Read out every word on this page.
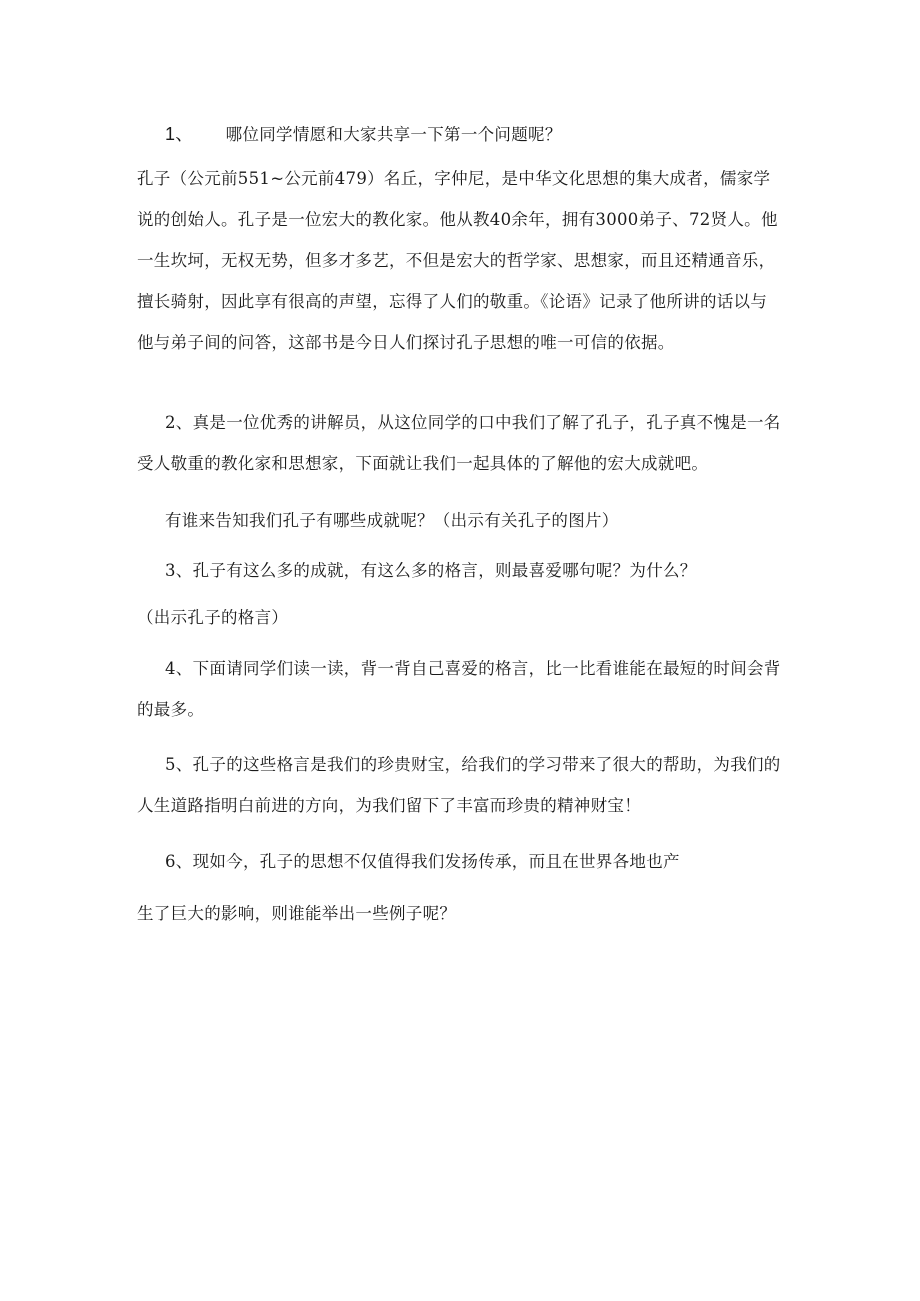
1、 哪位同学情愿和大家共享一下第一个问题呢？

孔子（公元前551~公元前479）名丘，字仲尼，是中华文化思想的集大成者，儒家学
说的创始人。孔子是一位宏大的教化家。他从教40余年，拥有3000弟子、72贤人。他
一生坎坷，无权无势，但多才多艺，不但是宏大的哲学家、思想家，而且还精通音乐，
擅长骑射，因此享有很高的声望，忘得了人们的敬重。《论语》记录了他所讲的话以与
他与弟子间的问答，这部书是今日人们探讨孔子思想的唯一可信的依据。

2、真是一位优秀的讲解员，从这位同学的口中我们了解了孔子，孔子真不愧是一名
受人敬重的教化家和思想家，下面就让我们一起具体的了解他的宏大成就吧。

有谁来告知我们孔子有哪些成就呢？（出示有关孔子的图片）

3、孔子有这么多的成就，有这么多的格言，则最喜爱哪句呢？为什么？

（出示孔子的格言）

4、下面请同学们读一读，背一背自己喜爱的格言，比一比看谁能在最短的时间会背
的最多。

5、孔子的这些格言是我们的珍贵财宝，给我们的学习带来了很大的帮助，为我们的
人生道路指明白前进的方向，为我们留下了丰富而珍贵的精神财宝！

6、现如今，孔子的思想不仅值得我们发扬传承，而且在世界各地也产

生了巨大的影响，则谁能举出一些例子呢？
